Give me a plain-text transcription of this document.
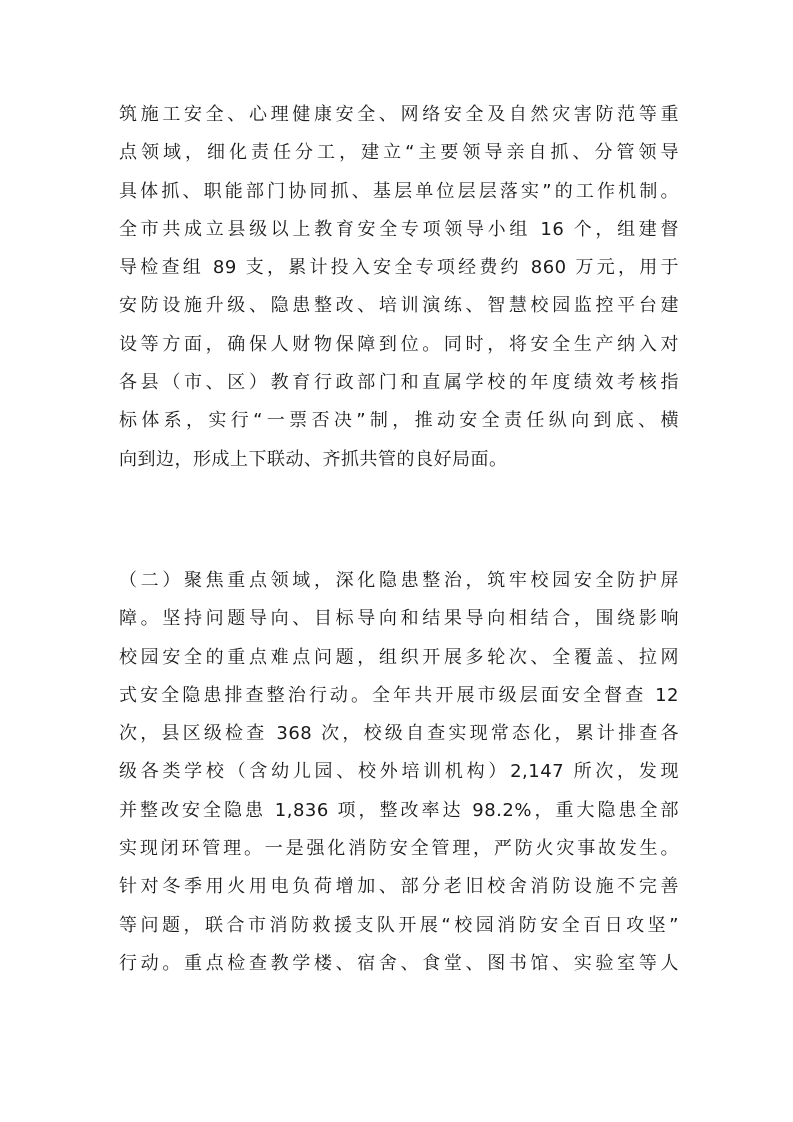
筑施工安全、心理健康安全、网络安全及自然灾害防范等重
点领域，细化责任分工，建立“主要领导亲自抓、分管领导
具体抓、职能部门协同抓、基层单位层层落实”的工作机制。
全市共成立县级以上教育安全专项领导小组 16 个，组建督
导检查组 89 支，累计投入安全专项经费约 860 万元，用于
安防设施升级、隐患整改、培训演练、智慧校园监控平台建
设等方面，确保人财物保障到位。同时，将安全生产纳入对
各县（市、区）教育行政部门和直属学校的年度绩效考核指
标体系，实行“一票否决”制，推动安全责任纵向到底、横
向到边，形成上下联动、齐抓共管的良好局面。
（二）聚焦重点领域，深化隐患整治，筑牢校园安全防护屏
障。坚持问题导向、目标导向和结果导向相结合，围绕影响
校园安全的重点难点问题，组织开展多轮次、全覆盖、拉网
式安全隐患排查整治行动。全年共开展市级层面安全督查 12
次，县区级检查 368 次，校级自查实现常态化，累计排查各
级各类学校（含幼儿园、校外培训机构）2,147 所次，发现
并整改安全隐患 1,836 项，整改率达 98.2%，重大隐患全部
实现闭环管理。一是强化消防安全管理，严防火灾事故发生。
针对冬季用火用电负荷增加、部分老旧校舍消防设施不完善
等问题，联合市消防救援支队开展“校园消防安全百日攻坚”
行动。重点检查教学楼、宿舍、食堂、图书馆、实验室等人
